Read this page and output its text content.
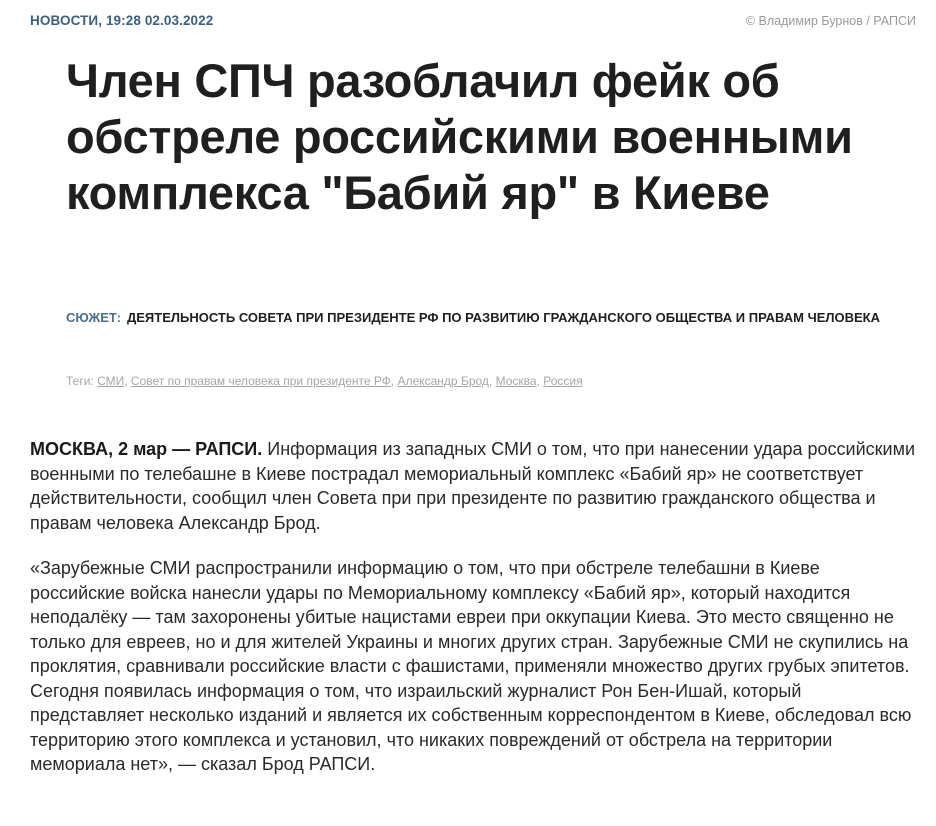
НОВОСТИ, 19:28 02.03.2022	© Владимир Бурнов / РАПСИ
Член СПЧ разоблачил фейк об обстреле российскими военными комплекса "Бабий яр" в Киеве
СЮЖЕТ: ДЕЯТЕЛЬНОСТЬ СОВЕТА ПРИ ПРЕЗИДЕНТЕ РФ ПО РАЗВИТИЮ ГРАЖДАНСКОГО ОБЩЕСТВА И ПРАВАМ ЧЕЛОВЕКА
Теги: СМИ, Совет по правам человека при президенте РФ, Александр Брод, Москва, Россия

МОСКВА, 2 мар — РАПСИ. Информация из западных СМИ о том, что при нанесении удара российскими военными по телебашне в Киеве пострадал мемориальный комплекс «Бабий яр» не соответствует действительности, сообщил член Совета при при президенте по развитию гражданского общества и правам человека Александр Брод.

«Зарубежные СМИ распространили информацию о том, что при обстреле телебашни в Киеве российские войска нанесли удары по Мемориальному комплексу «Бабий яр», который находится неподалёку — там захоронены убитые нацистами евреи при оккупации Киева. Это место священно не только для евреев, но и для жителей Украины и многих других стран. Зарубежные СМИ не скупились на проклятия, сравнивали российские власти с фашистами, применяли множество других грубых эпитетов. Сегодня появилась информация о том, что израильский журналист Рон Бен-Ишай, который представляет несколько изданий и является их собственным корреспондентом в Киеве, обследовал всю территорию этого комплекса и установил, что никаких повреждений от обстрела на территории мемориала нет», — сказал Брод РАПСИ.
